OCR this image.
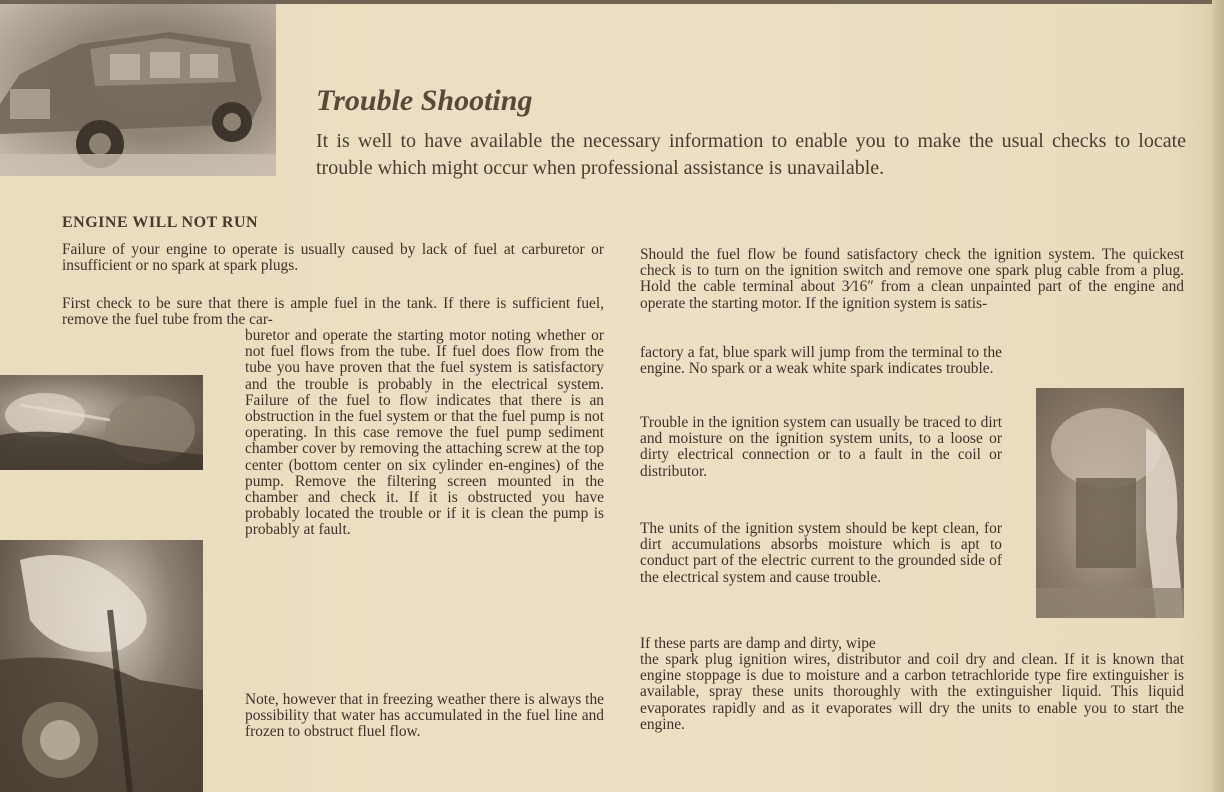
Trouble Shooting

It is well to have available the necessary information to enable you to make the usual checks to locate trouble which might occur when professional assistance is unavailable.

ENGINE WILL NOT RUN

Failure of your engine to operate is usually caused by lack of fuel at carburetor or insufficient or no spark at spark plugs.

First check to be sure that there is ample fuel in the tank. If there is sufficient fuel, remove the fuel tube from the car-

buretor and operate the starting motor noting whether or not fuel flows from the tube. If fuel does flow from the tube you have proven that the fuel system is satisfactory and the trouble is probably in the electrical system. Failure of the fuel to flow indicates that there is an obstruction in the fuel system or that the fuel pump is not operating. In this case remove the fuel pump sediment chamber cover by removing the attaching screw at the top center (bottom center on six cylinder en-engines) of the pump. Remove the filtering screen mounted in the chamber and check it. If it is obstructed you have probably located the trouble or if it is clean the pump is probably at fault.

Note, however that in freezing weather there is always the possibility that water has accumulated in the fuel line and frozen to obstruct fluel flow.

Should the fuel flow be found satisfactory check the ignition system. The quickest check is to turn on the ignition switch and remove one spark plug cable from a plug. Hold the cable terminal about 3⁄16″ from a clean unpainted part of the engine and operate the starting motor. If the ignition system is satis-

factory a fat, blue spark will jump from the terminal to the engine. No spark or a weak white spark indicates trouble.

Trouble in the ignition system can usually be traced to dirt and moisture on the ignition system units, to a loose or dirty electrical connection or to a fault in the coil or distributor.

The units of the ignition system should be kept clean, for dirt accumulations absorbs moisture which is apt to conduct part of the electric current to the grounded side of the electrical system and cause trouble.

If these parts are damp and dirty, wipe

the spark plug ignition wires, distributor and coil dry and clean. If it is known that engine stoppage is due to moisture and a carbon tetrachloride type fire extinguisher is available, spray these units thoroughly with the extinguisher liquid. This liquid evaporates rapidly and as it evaporates will dry the units to enable you to start the engine.
